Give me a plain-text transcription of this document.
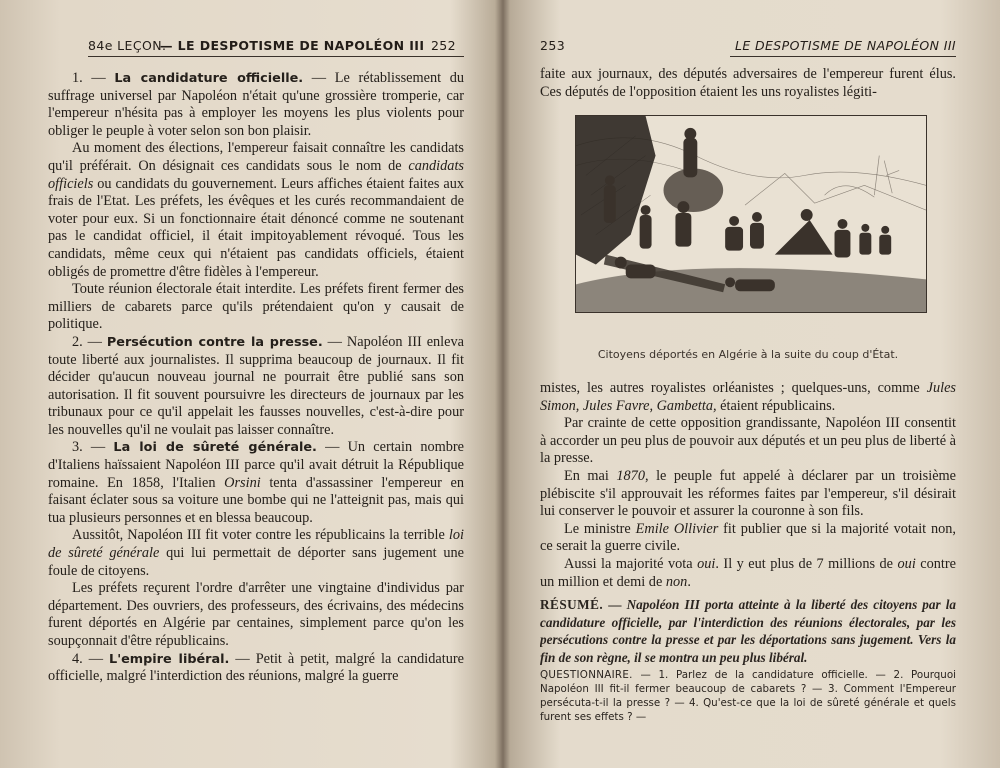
84e LEÇON.
— LE DESPOTISME DE NAPOLÉON III 252

1. — La candidature officielle. — Le rétablissement du suffrage universel par Napoléon n'était qu'une grossière tromperie, car l'empereur n'hésita pas à employer les moyens les plus violents pour obliger le peuple à voter selon son bon plaisir.

Au moment des élections, l'empereur faisait connaître les candidats qu'il préférait. On désignait ces candidats sous le nom de candidats officiels ou candidats du gouvernement. Leurs affiches étaient faites aux frais de l'Etat. Les préfets, les évêques et les curés recommandaient de voter pour eux. Si un fonctionnaire était dénoncé comme ne soutenant pas le candidat officiel, il était impitoyablement révoqué. Tous les candidats, même ceux qui n'étaient pas candidats officiels, étaient obligés de promettre d'être fidèles à l'empereur.

Toute réunion électorale était interdite. Les préfets firent fermer des milliers de cabarets parce qu'ils prétendaient qu'on y causait de politique.

2. — Persécution contre la presse. — Napoléon III enleva toute liberté aux journalistes. Il supprima beaucoup de journaux. Il fit décider qu'aucun nouveau journal ne pourrait être publié sans son autorisation. Il fit souvent poursuivre les directeurs de journaux par les tribunaux pour ce qu'il appelait les fausses nouvelles, c'est-à-dire pour les nouvelles qu'il ne voulait pas laisser connaître.

3. — La loi de sûreté générale. — Un certain nombre d'Italiens haïssaient Napoléon III parce qu'il avait détruit la République romaine. En 1858, l'Italien Orsini tenta d'assassiner l'empereur en faisant éclater sous sa voiture une bombe qui ne l'atteignit pas, mais qui tua plusieurs personnes et en blessa beaucoup.

Aussitôt, Napoléon III fit voter contre les républicains la terrible loi de sûreté générale qui lui permettait de déporter sans jugement une foule de citoyens.

Les préfets reçurent l'ordre d'arrêter une vingtaine d'individus par département. Des ouvriers, des professeurs, des écrivains, des médecins furent déportés en Algérie par centaines, simplement parce qu'on les soupçonnait d'être républicains.

4. — L'empire libéral. — Petit à petit, malgré la candidature officielle, malgré l'interdiction des réunions, malgré la guerre

253	LE DESPOTISME DE NAPOLÉON III

faite aux journaux, des députés adversaires de l'empereur furent élus. Ces députés de l'opposition étaient les uns royalistes légiti-

Citoyens déportés en Algérie à la suite du coup d'État.

mistes, les autres royalistes orléanistes ; quelques-uns, comme Jules Simon, Jules Favre, Gambetta, étaient républicains.

Par crainte de cette opposition grandissante, Napoléon III consentit à accorder un peu plus de pouvoir aux députés et un peu plus de liberté à la presse.

En mai 1870, le peuple fut appelé à déclarer par un troisième plébiscite s'il approuvait les réformes faites par l'empereur, s'il désirait lui conserver le pouvoir et assurer la couronne à son fils.

Le ministre Emile Ollivier fit publier que si la majorité votait non, ce serait la guerre civile.

Aussi la majorité vota oui. Il y eut plus de 7 millions de oui contre un million et demi de non.

RÉSUMÉ. — Napoléon III porta atteinte à la liberté des citoyens par la candidature officielle, par l'interdiction des réunions électorales, par les persécutions contre la presse et par les déportations sans jugement. Vers la fin de son règne, il se montra un peu plus libéral.
QUESTIONNAIRE. — 1. Parlez de la candidature officielle. — 2. Pourquoi Napoléon III fit-il fermer beaucoup de cabarets ? — 3. Comment l'Empereur persécuta-t-il la presse ? — 4. Qu'est-ce que la loi de sûreté générale et quels furent ses effets ? —
